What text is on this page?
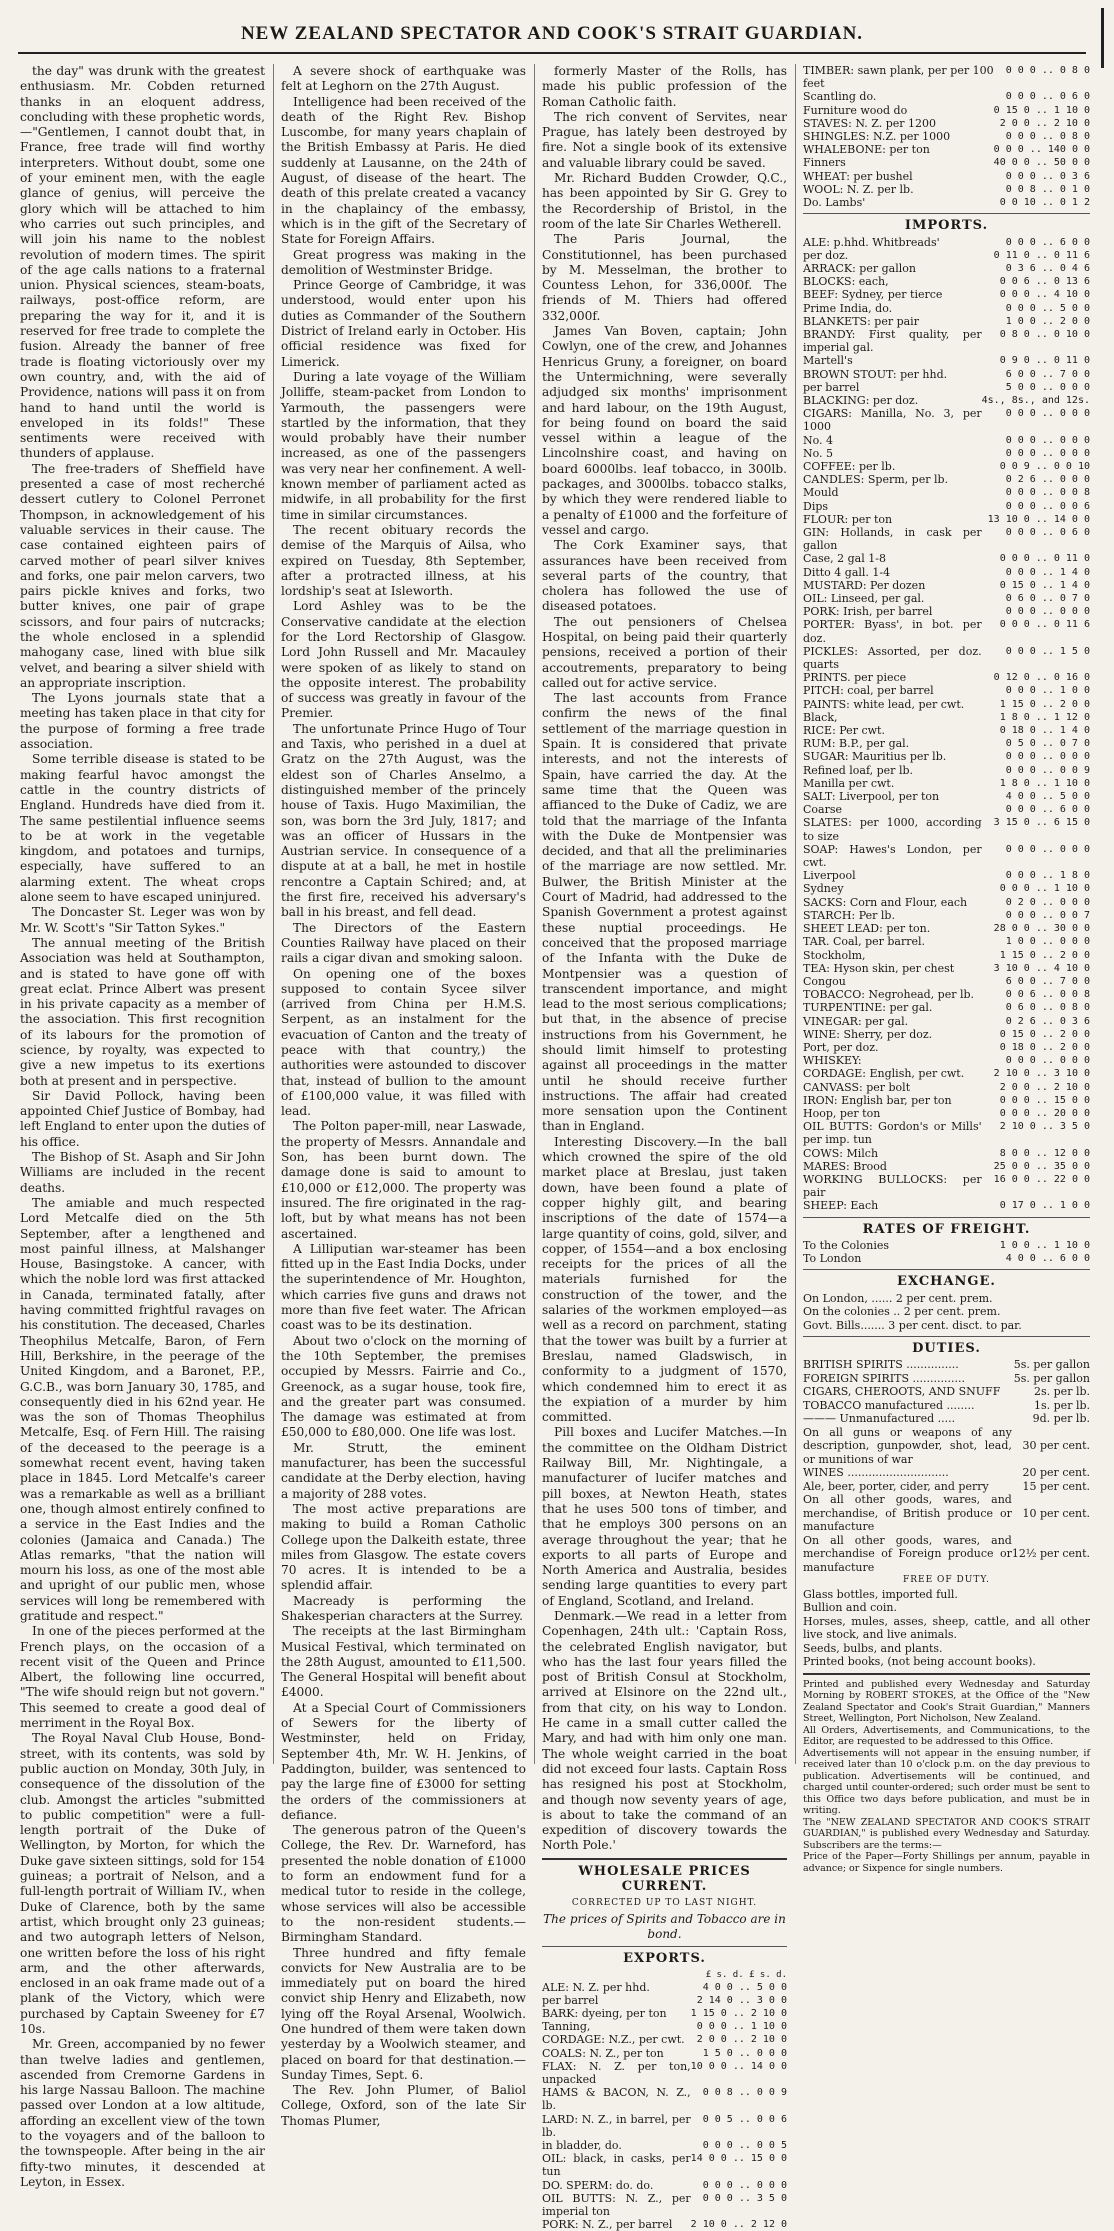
NEW ZEALAND SPECTATOR AND COOK'S STRAIT GUARDIAN.

the day" was drunk with the greatest enthusiasm. Mr. Cobden returned thanks in an eloquent address, concluding with these prophetic words,—"Gentlemen, I cannot doubt that, in France, free trade will find worthy interpreters. Without doubt, some one of your eminent men, with the eagle glance of genius, will perceive the glory which will be attached to him who carries out such principles, and will join his name to the noblest revolution of modern times. The spirit of the age calls nations to a fraternal union. Physical sciences, steam-boats, railways, post-office reform, are preparing the way for it, and it is reserved for free trade to complete the fusion. Already the banner of free trade is floating victoriously over my own country, and, with the aid of Providence, nations will pass it on from hand to hand until the world is enveloped in its folds!" These sentiments were received with thunders of applause.

The free-traders of Sheffield have presented a case of most recherché dessert cutlery to Colonel Perronet Thompson, in acknowledgement of his valuable services in their cause. The case contained eighteen pairs of carved mother of pearl silver knives and forks, one pair melon carvers, two pairs pickle knives and forks, two butter knives, one pair of grape scissors, and four pairs of nutcracks; the whole enclosed in a splendid mahogany case, lined with blue silk velvet, and bearing a silver shield with an appropriate inscription.

The Lyons journals state that a meeting has taken place in that city for the purpose of forming a free trade association.

Some terrible disease is stated to be making fearful havoc amongst the cattle in the country districts of England. Hundreds have died from it. The same pestilential influence seems to be at work in the vegetable kingdom, and potatoes and turnips, especially, have suffered to an alarming extent. The wheat crops alone seem to have escaped uninjured.

The Doncaster St. Leger was won by Mr. W. Scott's "Sir Tatton Sykes."

The annual meeting of the British Association was held at Southampton, and is stated to have gone off with great eclat. Prince Albert was present in his private capacity as a member of the association. This first recognition of its labours for the promotion of science, by royalty, was expected to give a new impetus to its exertions both at present and in perspective.

Sir David Pollock, having been appointed Chief Justice of Bombay, had left England to enter upon the duties of his office.

The Bishop of St. Asaph and Sir John Williams are included in the recent deaths.

The amiable and much respected Lord Metcalfe died on the 5th September, after a lengthened and most painful illness, at Malshanger House, Basingstoke. A cancer, with which the noble lord was first attacked in Canada, terminated fatally, after having committed frightful ravages on his constitution. The deceased, Charles Theophilus Metcalfe, Baron, of Fern Hill, Berkshire, in the peerage of the United Kingdom, and a Baronet, P.P., G.C.B., was born January 30, 1785, and consequently died in his 62nd year. He was the son of Thomas Theophilus Metcalfe, Esq. of Fern Hill. The raising of the deceased to the peerage is a somewhat recent event, having taken place in 1845. Lord Metcalfe's career was a remarkable as well as a brilliant one, though almost entirely confined to a service in the East Indies and the colonies (Jamaica and Canada.) The Atlas remarks, "that the nation will mourn his loss, as one of the most able and upright of our public men, whose services will long be remembered with gratitude and respect."

In one of the pieces performed at the French plays, on the occasion of a recent visit of the Queen and Prince Albert, the following line occurred, "The wife should reign but not govern." This seemed to create a good deal of merriment in the Royal Box.

The Royal Naval Club House, Bond-street, with its contents, was sold by public auction on Monday, 30th July, in consequence of the dissolution of the club. Amongst the articles "submitted to public competition" were a full-length portrait of the Duke of Wellington, by Morton, for which the Duke gave sixteen sittings, sold for 154 guineas; a portrait of Nelson, and a full-length portrait of William IV., when Duke of Clarence, both by the same artist, which brought only 23 guineas; and two autograph letters of Nelson, one written before the loss of his right arm, and the other afterwards, enclosed in an oak frame made out of a plank of the Victory, which were purchased by Captain Sweeney for £7 10s.

Mr. Green, accompanied by no fewer than twelve ladies and gentlemen, ascended from Cremorne Gardens in his large Nassau Balloon. The machine passed over London at a low altitude, affording an excellent view of the town to the voyagers and of the balloon to the townspeople. After being in the air fifty-two minutes, it descended at Leyton, in Essex.

A severe shock of earthquake was felt at Leghorn on the 27th August.

Intelligence had been received of the death of the Right Rev. Bishop Luscombe, for many years chaplain of the British Embassy at Paris. He died suddenly at Lausanne, on the 24th of August, of disease of the heart. The death of this prelate created a vacancy in the chaplaincy of the embassy, which is in the gift of the Secretary of State for Foreign Affairs.

Great progress was making in the demolition of Westminster Bridge.

Prince George of Cambridge, it was understood, would enter upon his duties as Commander of the Southern District of Ireland early in October. His official residence was fixed for Limerick.

During a late voyage of the William Jolliffe, steam-packet from London to Yarmouth, the passengers were startled by the information, that they would probably have their number increased, as one of the passengers was very near her confinement. A well-known member of parliament acted as midwife, in all probability for the first time in similar circumstances.

The recent obituary records the demise of the Marquis of Ailsa, who expired on Tuesday, 8th September, after a protracted illness, at his lordship's seat at Isleworth.

Lord Ashley was to be the Conservative candidate at the election for the Lord Rectorship of Glasgow. Lord John Russell and Mr. Macauley were spoken of as likely to stand on the opposite interest. The probability of success was greatly in favour of the Premier.

The unfortunate Prince Hugo of Tour and Taxis, who perished in a duel at Gratz on the 27th August, was the eldest son of Charles Anselmo, a distinguished member of the princely house of Taxis. Hugo Maximilian, the son, was born the 3rd July, 1817; and was an officer of Hussars in the Austrian service. In consequence of a dispute at at a ball, he met in hostile rencontre a Captain Schired; and, at the first fire, received his adversary's ball in his breast, and fell dead.

The Directors of the Eastern Counties Railway have placed on their rails a cigar divan and smoking saloon.

On opening one of the boxes supposed to contain Sycee silver (arrived from China per H.M.S. Serpent, as an instalment for the evacuation of Canton and the treaty of peace with that country,) the authorities were astounded to discover that, instead of bullion to the amount of £100,000 value, it was filled with lead.

The Polton paper-mill, near Laswade, the property of Messrs. Annandale and Son, has been burnt down. The damage done is said to amount to £10,000 or £12,000. The property was insured. The fire originated in the rag-loft, but by what means has not been ascertained.

A Lilliputian war-steamer has been fitted up in the East India Docks, under the superintendence of Mr. Houghton, which carries five guns and draws not more than five feet water. The African coast was to be its destination.

About two o'clock on the morning of the 10th September, the premises occupied by Messrs. Fairrie and Co., Greenock, as a sugar house, took fire, and the greater part was consumed. The damage was estimated at from £50,000 to £80,000. One life was lost.

Mr. Strutt, the eminent manufacturer, has been the successful candidate at the Derby election, having a majority of 288 votes.

The most active preparations are making to build a Roman Catholic College upon the Dalkeith estate, three miles from Glasgow. The estate covers 70 acres. It is intended to be a splendid affair.

Macready is performing the Shakesperian characters at the Surrey.

The receipts at the last Birmingham Musical Festival, which terminated on the 28th August, amounted to £11,500. The General Hospital will benefit about £4000.

At a Special Court of Commissioners of Sewers for the liberty of Westminster, held on Friday, September 4th, Mr. W. H. Jenkins, of Paddington, builder, was sentenced to pay the large fine of £3000 for setting the orders of the commissioners at defiance.

The generous patron of the Queen's College, the Rev. Dr. Warneford, has presented the noble donation of £1000 to form an endowment fund for a medical tutor to reside in the college, whose services will also be accessible to the non-resident students.—Birmingham Standard.

Three hundred and fifty female convicts for New Australia are to be immediately put on board the hired convict ship Henry and Elizabeth, now lying off the Royal Arsenal, Woolwich. One hundred of them were taken down yesterday by a Woolwich steamer, and placed on board for that destination.—Sunday Times, Sept. 6.

The Rev. John Plumer, of Baliol College, Oxford, son of the late Sir Thomas Plumer,

formerly Master of the Rolls, has made his public profession of the Roman Catholic faith.

The rich convent of Servites, near Prague, has lately been destroyed by fire. Not a single book of its extensive and valuable library could be saved.

Mr. Richard Budden Crowder, Q.C., has been appointed by Sir G. Grey to the Recordership of Bristol, in the room of the late Sir Charles Wetherell.

The Paris Journal, the Constitutionnel, has been purchased by M. Messelman, the brother to Countess Lehon, for 336,000f. The friends of M. Thiers had offered 332,000f.

James Van Boven, captain; John Cowlyn, one of the crew, and Johannes Henricus Gruny, a foreigner, on board the Untermichning, were severally adjudged six months' imprisonment and hard labour, on the 19th August, for being found on board the said vessel within a league of the Lincolnshire coast, and having on board 6000lbs. leaf tobacco, in 300lb. packages, and 3000lbs. tobacco stalks, by which they were rendered liable to a penalty of £1000 and the forfeiture of vessel and cargo.

The Cork Examiner says, that assurances have been received from several parts of the country, that cholera has followed the use of diseased potatoes.

The out pensioners of Chelsea Hospital, on being paid their quarterly pensions, received a portion of their accoutrements, preparatory to being called out for active service.

The last accounts from France confirm the news of the final settlement of the marriage question in Spain. It is considered that private interests, and not the interests of Spain, have carried the day. At the same time that the Queen was affianced to the Duke of Cadiz, we are told that the marriage of the Infanta with the Duke de Montpensier was decided, and that all the preliminaries of the marriage are now settled. Mr. Bulwer, the British Minister at the Court of Madrid, had addressed to the Spanish Government a protest against these nuptial proceedings. He conceived that the proposed marriage of the Infanta with the Duke de Montpensier was a question of transcendent importance, and might lead to the most serious complications; but that, in the absence of precise instructions from his Government, he should limit himself to protesting against all proceedings in the matter until he should receive further instructions. The affair had created more sensation upon the Continent than in England.

Interesting Discovery.—In the ball which crowned the spire of the old market place at Breslau, just taken down, have been found a plate of copper highly gilt, and bearing inscriptions of the date of 1574—a large quantity of coins, gold, silver, and copper, of 1554—and a box enclosing receipts for the prices of all the materials furnished for the construction of the tower, and the salaries of the workmen employed—as well as a record on parchment, stating that the tower was built by a furrier at Breslau, named Gladswisch, in conformity to a judgment of 1570, which condemned him to erect it as the expiation of a murder by him committed.

Pill boxes and Lucifer Matches.—In the committee on the Oldham District Railway Bill, Mr. Nightingale, a manufacturer of lucifer matches and pill boxes, at Newton Heath, states that he uses 500 tons of timber, and that he employs 300 persons on an average throughout the year; that he exports to all parts of Europe and North America and Australia, besides sending large quantities to every part of England, Scotland, and Ireland.

Denmark.—We read in a letter from Copenhagen, 24th ult.: 'Captain Ross, the celebrated English navigator, but who has the last four years filled the post of British Consul at Stockholm, arrived at Elsinore on the 22nd ult., from that city, on his way to London. He came in a small cutter called the Mary, and had with him only one man. The whole weight carried in the boat did not exceed four lasts. Captain Ross has resigned his post at Stockholm, and though now seventy years of age, is about to take the command of an expedition of discovery towards the North Pole.'

WHOLESALE PRICES CURRENT.
CORRECTED UP TO LAST NIGHT.
The prices of Spirits and Tobacco are in bond.
EXPORTS.
£ s. d. £ s. d.
ALE: N. Z. per hhd.	4 0 0 .. 5 0 0
per barrel	2 14 0 .. 3 0 0
BARK: dyeing, per ton	1 15 0 .. 2 10 0
Tanning,	0 0 0 .. 1 10 0
CORDAGE: N.Z., per cwt.	2 0 0 .. 2 10 0
COALS: N. Z., per ton	1 5 0 .. 0 0 0
FLAX: N. Z. per ton, unpacked	10 0 0 .. 14 0 0
HAMS & BACON, N. Z., lb.	0 0 8 .. 0 0 9
LARD: N. Z., in barrel, per lb.	0 0 5 .. 0 0 6
in bladder, do.	0 0 0 .. 0 0 5
OIL: black, in casks, per tun	14 0 0 .. 15 0 0
DO. SPERM: do. do.	0 0 0 .. 0 0 0
OIL BUTTS: N. Z., per imperial ton	0 0 0 .. 3 5 0
PORK: N. Z., per barrel	2 10 0 .. 2 12 0
TIMBER: sawn plank, per per 100 feet	0 0 0 .. 0 8 0
Scantling do.	0 0 0 .. 0 6 0
Furniture wood do	0 15 0 .. 1 10 0
STAVES: N. Z. per 1200	2 0 0 .. 2 10 0
SHINGLES: N.Z. per 1000	0 0 0 .. 0 8 0
WHALEBONE: per ton	0 0 0 .. 140 0 0
Finners	40 0 0 .. 50 0 0
WHEAT: per bushel	0 0 0 .. 0 3 6
WOOL: N. Z. per lb.	0 0 8 .. 0 1 0
Do. Lambs'	0 0 10 .. 0 1 2
IMPORTS.
ALE: p.hhd. Whitbreads'	0 0 0 .. 6 0 0
per doz.	0 11 0 .. 0 11 6
ARRACK: per gallon	0 3 6 .. 0 4 6
BLOCKS: each,	0 0 6 .. 0 13 6
BEEF: Sydney, per tierce	0 0 0 .. 4 10 0
Prime India, do.	0 0 0 .. 5 0 0
BLANKETS: per pair	1 0 0 .. 2 0 0
BRANDY: First quality, per imperial gal.	0 8 0 .. 0 10 0
Martell's	0 9 0 .. 0 11 0
BROWN STOUT: per hhd.	6 0 0 .. 7 0 0
per barrel	5 0 0 .. 0 0 0
BLACKING: per doz.	4s., 8s., and 12s.
CIGARS: Manilla, No. 3, per 1000	0 0 0 .. 0 0 0
No. 4	0 0 0 .. 0 0 0
No. 5	0 0 0 .. 0 0 0
COFFEE: per lb.	0 0 9 .. 0 0 10
CANDLES: Sperm, per lb.	0 2 6 .. 0 0 0
Mould	0 0 0 .. 0 0 8
Dips	0 0 0 .. 0 0 6
FLOUR: per ton	13 10 0 .. 14 0 0
GIN: Hollands, in cask per gallon	0 0 0 .. 0 6 0
Case, 2 gal 1-8	0 0 0 .. 0 11 0
Ditto 4 gall. 1-4	0 0 0 .. 1 4 0
MUSTARD: Per dozen	0 15 0 .. 1 4 0
OIL: Linseed, per gal.	0 6 0 .. 0 7 0
PORK: Irish, per barrel	0 0 0 .. 0 0 0
PORTER: Byass', in bot. per doz.	0 0 0 .. 0 11 6
PICKLES: Assorted, per doz. quarts	0 0 0 .. 1 5 0
PRINTS. per piece	0 12 0 .. 0 16 0
PITCH: coal, per barrel	0 0 0 .. 1 0 0
PAINTS: white lead, per cwt.	1 15 0 .. 2 0 0
Black,	1 8 0 .. 1 12 0
RICE: Per cwt.	0 18 0 .. 1 4 0
RUM: B.P., per gal.	0 5 0 .. 0 7 0
SUGAR: Mauritius per lb.	0 0 0 .. 0 0 0
Refined loaf, per lb.	0 0 0 .. 0 0 9
Manilla per cwt.	1 8 0 .. 1 10 0
SALT: Liverpool, per ton	4 0 0 .. 5 0 0
Coarse	0 0 0 .. 6 0 0
SLATES: per 1000, according to size	3 15 0 .. 6 15 0
SOAP: Hawes's London, per cwt.	0 0 0 .. 0 0 0
Liverpool	0 0 0 .. 1 8 0
Sydney	0 0 0 .. 1 10 0
SACKS: Corn and Flour, each	0 2 0 .. 0 0 0
STARCH: Per lb.	0 0 0 .. 0 0 7
SHEET LEAD: per ton.	28 0 0 .. 30 0 0
TAR. Coal, per barrel.	1 0 0 .. 0 0 0
Stockholm,	1 15 0 .. 2 0 0
TEA: Hyson skin, per chest	3 10 0 .. 4 10 0
Congou	6 0 0 .. 7 0 0
TOBACCO: Negrohead, per lb.	0 0 6 .. 0 0 8
TURPENTINE: per gal.	0 6 0 .. 0 8 0
VINEGAR: per gal.	0 2 6 .. 0 3 6
WINE: Sherry, per doz.	0 15 0 .. 2 0 0
Port, per doz.	0 18 0 .. 2 0 0
WHISKEY:	0 0 0 .. 0 0 0
CORDAGE: English, per cwt.	2 10 0 .. 3 10 0
CANVASS: per bolt	2 0 0 .. 2 10 0
IRON: English bar, per ton	0 0 0 .. 15 0 0
Hoop, per ton	0 0 0 .. 20 0 0
OIL BUTTS: Gordon's or Mills' per imp. tun	2 10 0 .. 3 5 0
COWS: Milch	8 0 0 .. 12 0 0
MARES: Brood	25 0 0 .. 35 0 0
WORKING BULLOCKS: per pair	16 0 0 .. 22 0 0
SHEEP: Each	0 17 0 .. 1 0 0
RATES OF FREIGHT.
To the Colonies	1 0 0 .. 1 10 0
To London	4 0 0 .. 6 0 0
EXCHANGE.
On London, ...... 2 per cent. prem.
On the colonies .. 2 per cent. prem.
Govt. Bills....... 3 per cent. disct. to par.
DUTIES.
BRITISH SPIRITS ...............	5s. per gallon
FOREIGN SPIRITS ...............	5s. per gallon
CIGARS, CHEROOTS, AND SNUFF	2s. per lb.
TOBACCO manufactured ........	1s. per lb.
——— Unmanufactured .....	9d. per lb.
On all guns or weapons of any description, gunpowder, shot, lead, or munitions of war	30 per cent.
WINES .............................	20 per cent.
Ale, beer, porter, cider, and perry	15 per cent.
On all other goods, wares, and merchandise, of British produce or manufacture	10 per cent.
On all other goods, wares, and merchandise of Foreign produce or manufacture	12½ per cent.
FREE OF DUTY.
Glass bottles, imported full.
Bullion and coin.
Horses, mules, asses, sheep, cattle, and all other live stock, and live animals.
Seeds, bulbs, and plants.
Printed books, (not being account books).
Printed and published every Wednesday and Saturday Morning by ROBERT STOKES, at the Office of the "New Zealand Spectator and Cook's Strait Guardian," Manners Street, Wellington, Port Nicholson, New Zealand.
All Orders, Advertisements, and Communications, to the Editor, are requested to be addressed to this Office.
Advertisements will not appear in the ensuing number, if received later than 10 o'clock p.m. on the day previous to publication. Advertisements will be continued, and charged until counter-ordered; such order must be sent to this Office two days before publication, and must be in writing.
The "NEW ZEALAND SPECTATOR AND COOK'S STRAIT GUARDIAN," is published every Wednesday and Saturday. Subscribers are the terms:—
Price of the Paper—Forty Shillings per annum, payable in advance; or Sixpence for single numbers.
